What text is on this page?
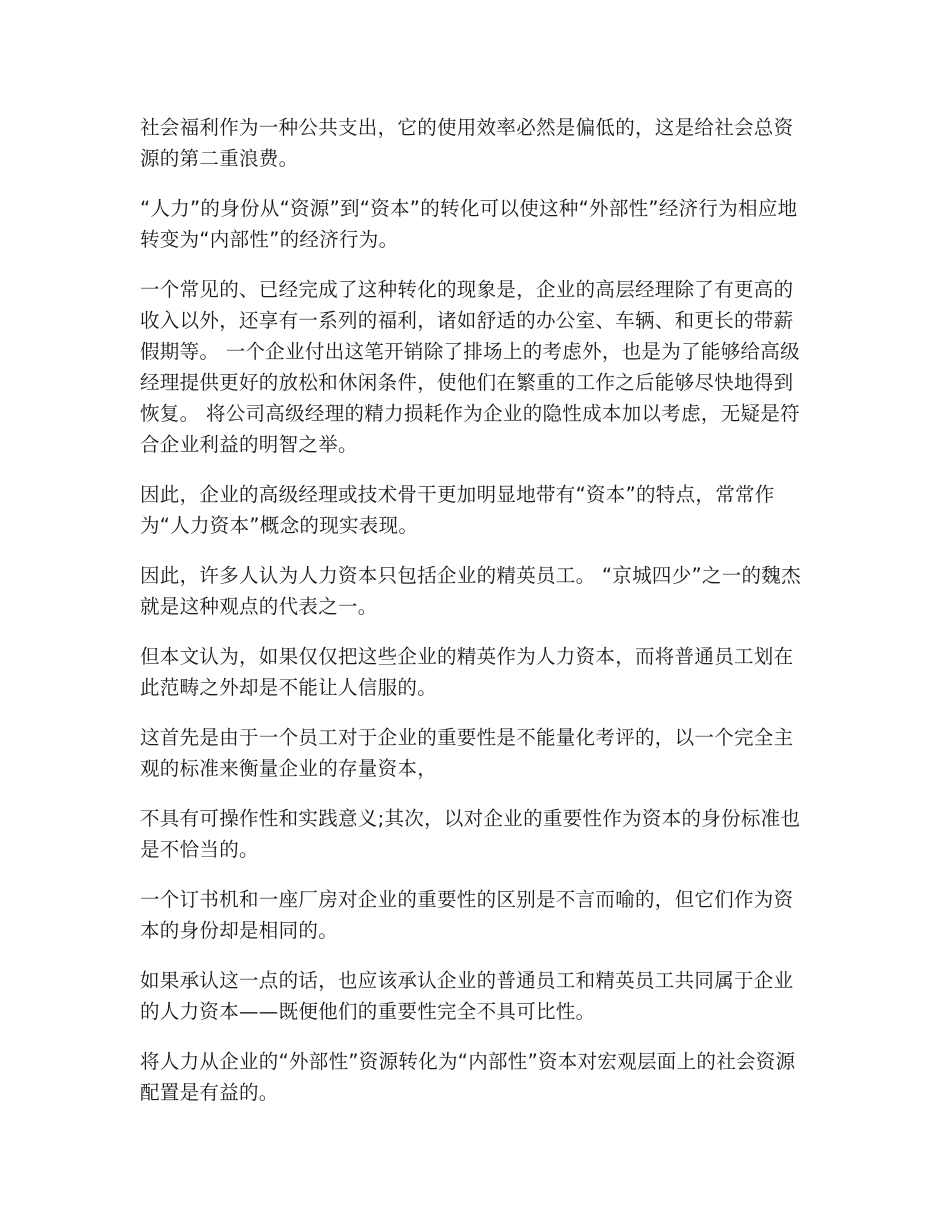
社会福利作为一种公共支出，它的使用效率必然是偏低的，这是给社会总资源的第二重浪费。

“人力”的身份从“资源”到“资本”的转化可以使这种“外部性”经济行为相应地转变为“内部性”的经济行为。

一个常见的、已经完成了这种转化的现象是，企业的高层经理除了有更高的收入以外，还享有一系列的福利，诸如舒适的办公室、车辆、和更长的带薪假期等。 一个企业付出这笔开销除了排场上的考虑外，也是为了能够给高级经理提供更好的放松和休闲条件，使他们在繁重的工作之后能够尽快地得到恢复。 将公司高级经理的精力损耗作为企业的隐性成本加以考虑，无疑是符合企业利益的明智之举。

因此，企业的高级经理或技术骨干更加明显地带有“资本”的特点，常常作为“人力资本”概念的现实表现。

因此，许多人认为人力资本只包括企业的精英员工。 “京城四少”之一的魏杰就是这种观点的代表之一。

但本文认为，如果仅仅把这些企业的精英作为人力资本，而将普通员工划在此范畴之外却是不能让人信服的。

这首先是由于一个员工对于企业的重要性是不能量化考评的，以一个完全主观的标准来衡量企业的存量资本，

不具有可操作性和实践意义;其次，以对企业的重要性作为资本的身份标准也是不恰当的。

一个订书机和一座厂房对企业的重要性的区别是不言而喻的，但它们作为资本的身份却是相同的。

如果承认这一点的话，也应该承认企业的普通员工和精英员工共同属于企业的人力资本——既便他们的重要性完全不具可比性。

将人力从企业的“外部性”资源转化为“内部性”资本对宏观层面上的社会资源配置是有益的。
